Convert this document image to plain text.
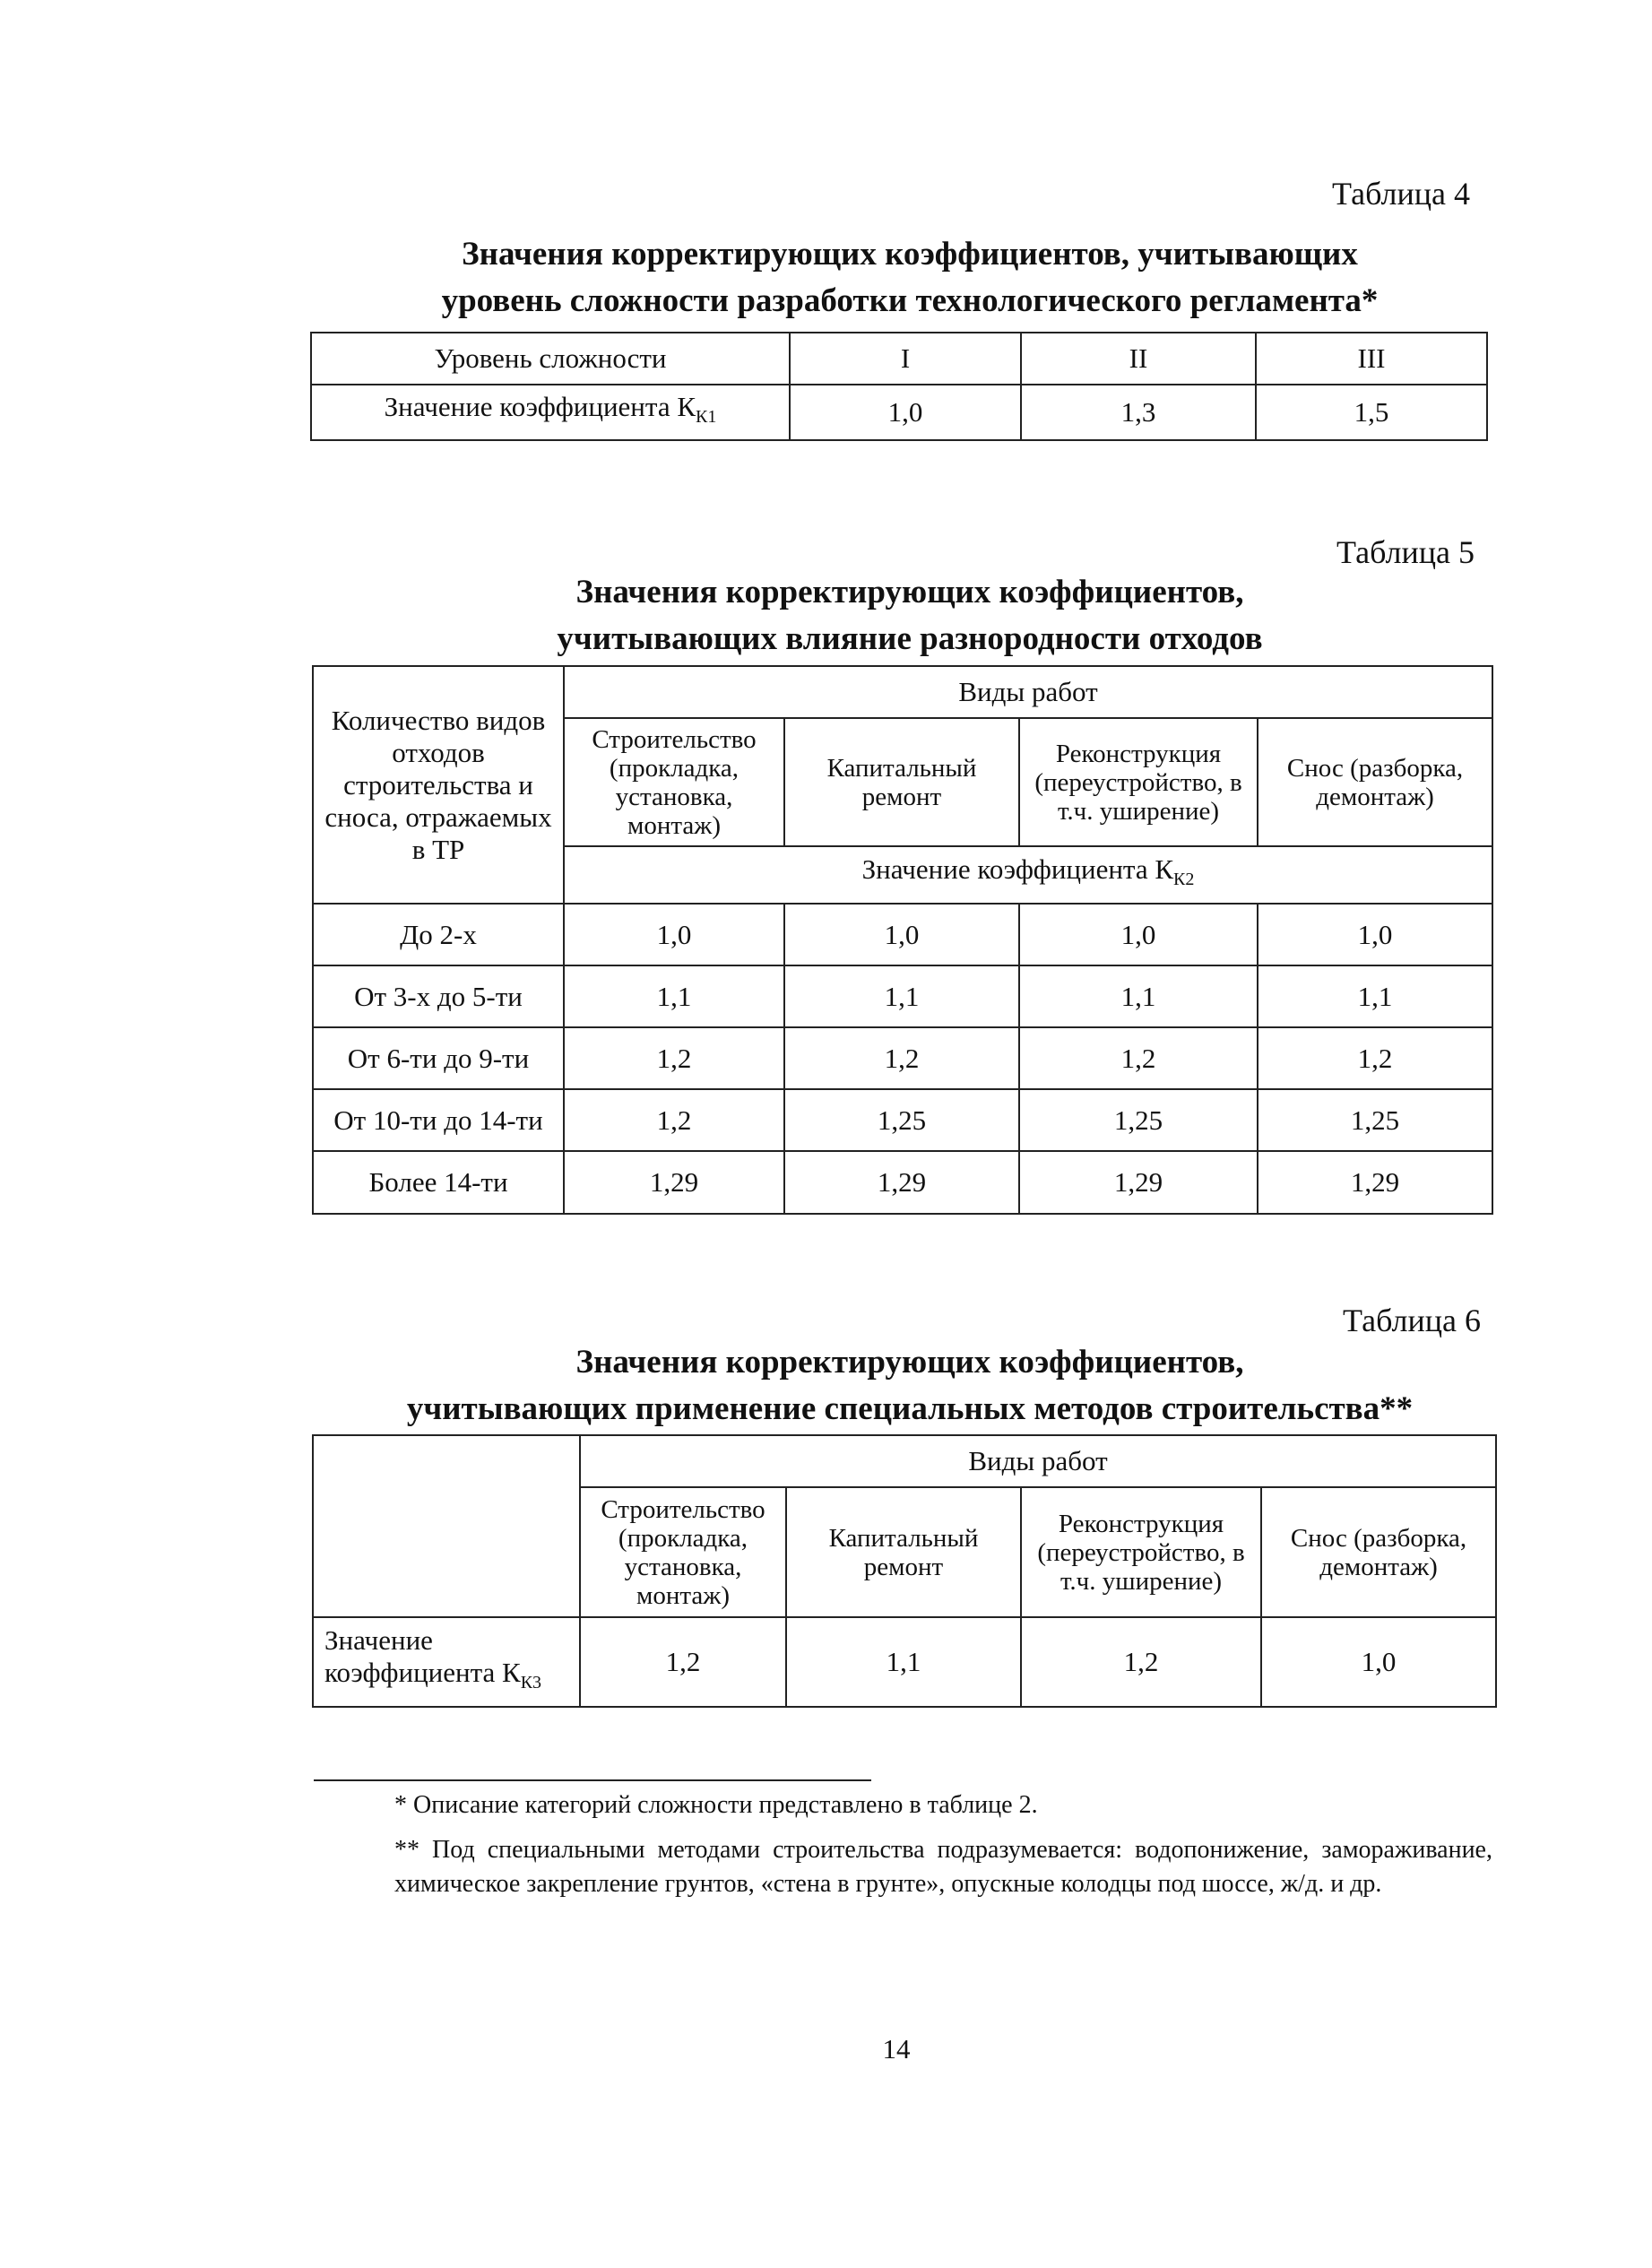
Таблица 4
Значения корректирующих коэффициентов, учитывающих
уровень сложности разработки технологического регламента*
Уровень сложности	I	II	III
Значение коэффициента $К_{К1}$	1,0	1,3	1,5
Таблица 5
Значения корректирующих коэффициентов,
учитывающих влияние разнородности отходов
Количество видов отходов строительства и сноса, отражаемых в ТР	Виды работ			
	Строительство (прокладка, установка, монтаж)	Капитальный ремонт	Реконструкция (переустройство, в т.ч. уширение)	Снос (разборка, демонтаж)
	Значение коэффициента $К_{К2}$
До 2-х	1,0	1,0	1,0	1,0
От 3-х до 5-ти	1,1	1,1	1,1	1,1
От 6-ти до 9-ти	1,2	1,2	1,2	1,2
От 10-ти до 14-ти	1,2	1,25	1,25	1,25
Более 14-ти	1,29	1,29	1,29	1,29
Таблица 6
Значения корректирующих коэффициентов,
учитывающих применение специальных методов строительства**
	Виды работ			
	Строительство (прокладка, установка, монтаж)	Капитальный ремонт	Реконструкция (переустройство, в т.ч. уширение)	Снос (разборка, демонтаж)
Значение коэффициента $К_{К3}$	1,2	1,1	1,2	1,0
* Описание категорий сложности представлено в таблице 2.
** Под специальными методами строительства подразумевается: водопонижение, замораживание, химическое закрепление грунтов, «стена в грунте», опускные колодцы под шоссе, ж/д. и др.
14
